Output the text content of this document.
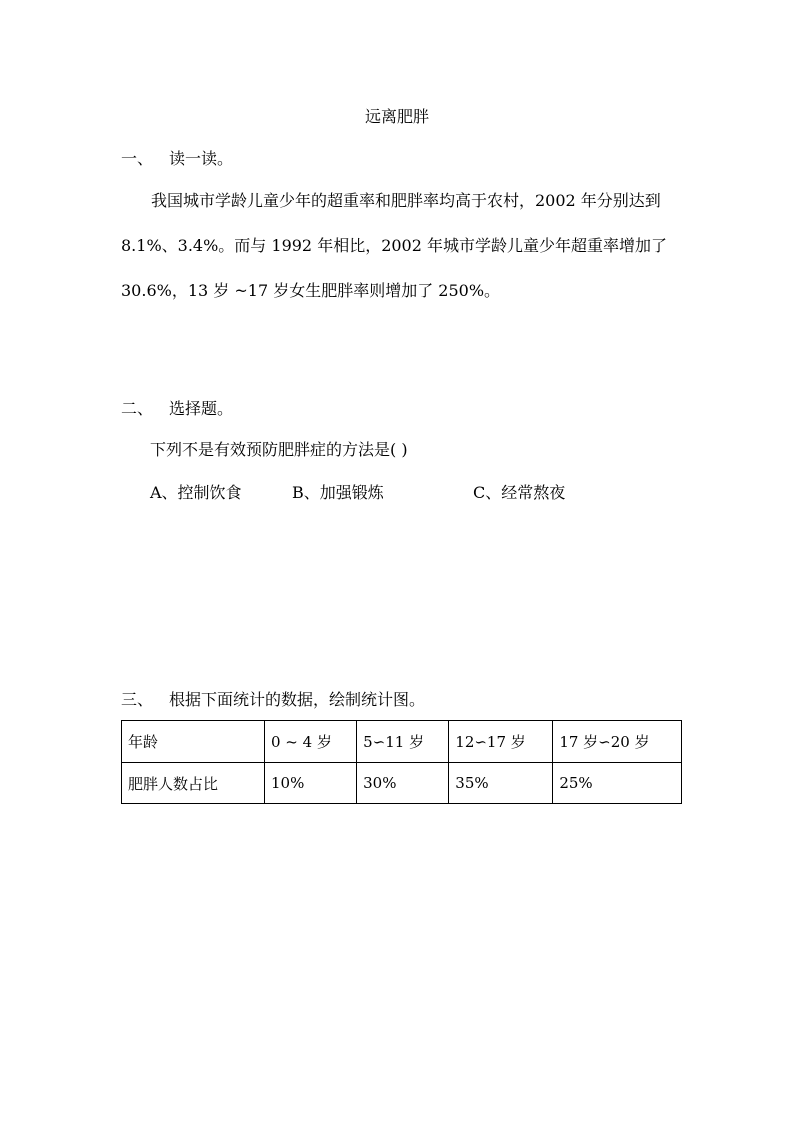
远离肥胖
一、 读一读。
我国城市学龄儿童少年的超重率和肥胖率均高于农村，2002 年分别达到 8.1%、3.4%。而与 1992 年相比，2002 年城市学龄儿童少年超重率增加了 30.6%，13 岁 ~17 岁女生肥胖率则增加了 250%。
二、 选择题。
下列不是有效预防肥胖症的方法是( )
A、控制饮食	B、加强锻炼	C、经常熬夜
三、 根据下面统计的数据，绘制统计图。
年龄	0 ~ 4 岁	5∽11 岁	12∽17 岁	17 岁∽20 岁
肥胖人数占比	10%	30%	35%	25%
